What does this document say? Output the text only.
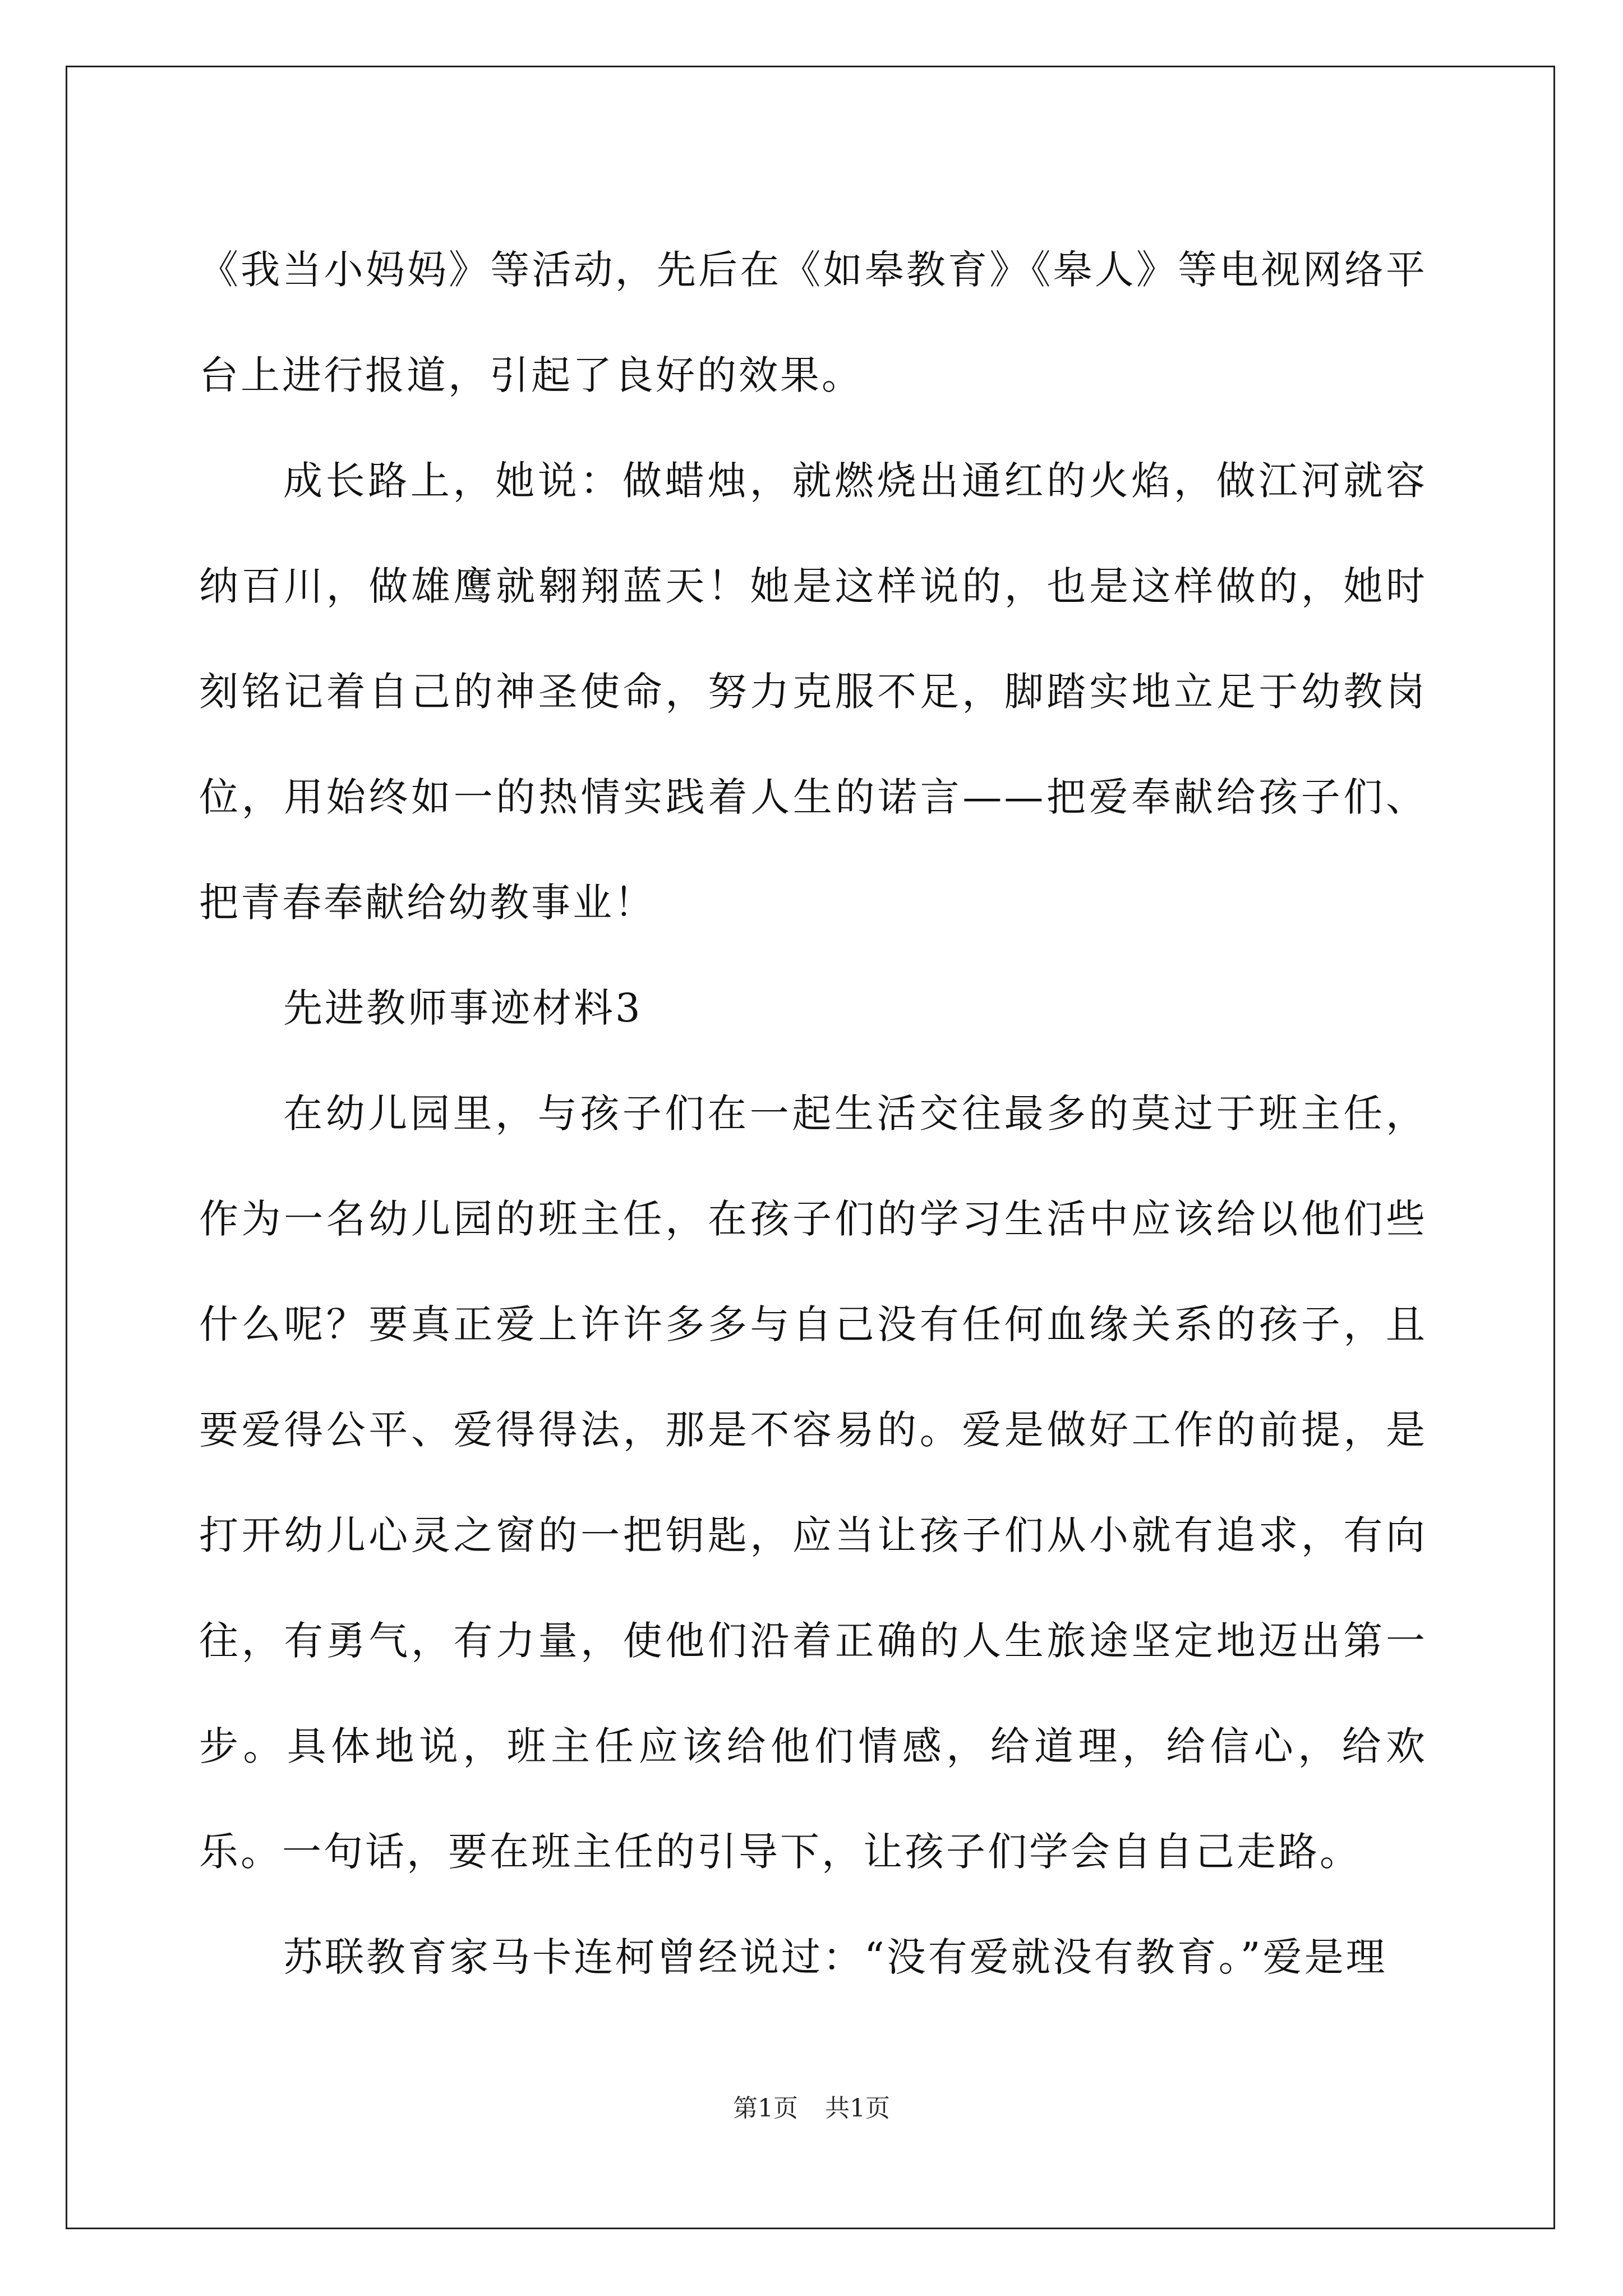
《我当小妈妈》等活动，先后在《如皋教育》《皋人》等电视网络平台上进行报道，引起了良好的效果。

成长路上，她说：做蜡烛，就燃烧出通红的火焰，做江河就容纳百川，做雄鹰就翱翔蓝天！她是这样说的，也是这样做的，她时刻铭记着自己的神圣使命，努力克服不足，脚踏实地立足于幼教岗位，用始终如一的热情实践着人生的诺言——把爱奉献给孩子们、把青春奉献给幼教事业！

先进教师事迹材料3

在幼儿园里，与孩子们在一起生活交往最多的莫过于班主任，作为一名幼儿园的班主任，在孩子们的学习生活中应该给以他们些什么呢？要真正爱上许许多多与自己没有任何血缘关系的孩子，且要爱得公平、爱得得法，那是不容易的。爱是做好工作的前提，是打开幼儿心灵之窗的一把钥匙，应当让孩子们从小就有追求，有向往，有勇气，有力量，使他们沿着正确的人生旅途坚定地迈出第一步。具体地说，班主任应该给他们情感，给道理，给信心，给欢乐。一句话，要在班主任的引导下，让孩子们学会自自己走路。

苏联教育家马卡连柯曾经说过：“没有爱就没有教育。”爱是理

第1页 共1页
